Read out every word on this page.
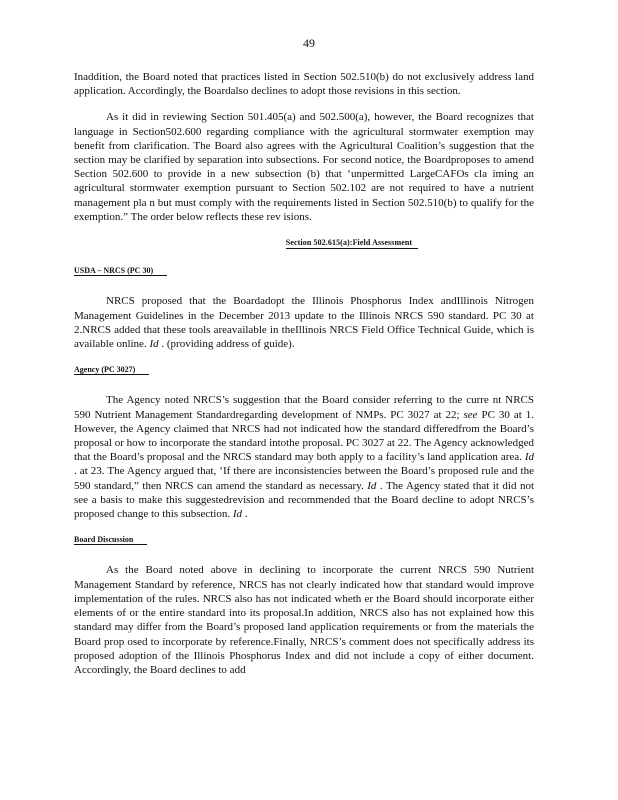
49

Inaddition, the Board noted that practices listed in Section 502.510(b) do not exclusively address land application. Accordingly, the Boardalso declines to adopt those revisions in this section.

As it did in reviewing Section 501.405(a) and 502.500(a), however, the Board recognizes that language in Section502.600 regarding compliance with the agricultural stormwater exemption may benefit from clarification. The Board also agrees with the Agricultural Coalition’s suggestion that the section may be clarified by separation into subsections. For second notice, the Boardproposes to amend Section 502.600 to provide in a new subsection (b) that ‘unpermitted LargeCAFOs cla iming an agricultural stormwater exemption pursuant to Section 502.102 are not required to have a nutrient management pla n but must comply with the requirements listed in Section 502.510(b) to qualify for the exemption.” The order below reflects these rev isions.

Section 502.615(a):Field Assessment
USDA – NRCS (PC 30)

NRCS proposed that the Boardadopt the Illinois Phosphorus Index andIllinois Nitrogen Management Guidelines in the December 2013 update to the Illinois NRCS 590 standard. PC 30 at 2.NRCS added that these tools areavailable in theIllinois NRCS Field Office Technical Guide, which is available online. Id . (providing address of guide).

Agency (PC 3027)

The Agency noted NRCS’s suggestion that the Board consider referring to the curre nt NRCS 590 Nutrient Management Standardregarding development of NMPs. PC 3027 at 22; see PC 30 at 1. However, the Agency claimed that NRCS had not indicated how the standard differedfrom the Board’s proposal or how to incorporate the standard intothe proposal. PC 3027 at 22. The Agency acknowledged that the Board’s proposal and the NRCS standard may both apply to a facility’s land application area. Id . at 23. The Agency argued that, ‘If there are inconsistencies between the Board’s proposed rule and the 590 standard,” then NRCS can amend the standard as necessary. Id . The Agency stated that it did not see a basis to make this suggestedrevision and recommended that the Board decline to adopt NRCS’s proposed change to this subsection. Id .

Board Discussion

As the Board noted above in declining to incorporate the current NRCS 590 Nutrient Management Standard by reference, NRCS has not clearly indicated how that standard would improve implementation of the rules. NRCS also has not indicated wheth er the Board should incorporate either elements of or the entire standard into its proposal.In addition, NRCS also has not explained how this standard may differ from the Board’s proposed land application requirements or from the materials the Board prop osed to incorporate by reference.Finally, NRCS’s comment does not specifically address its proposed adoption of the Illinois Phosphorus Index and did not include a copy of either document. Accordingly, the Board declines to add
